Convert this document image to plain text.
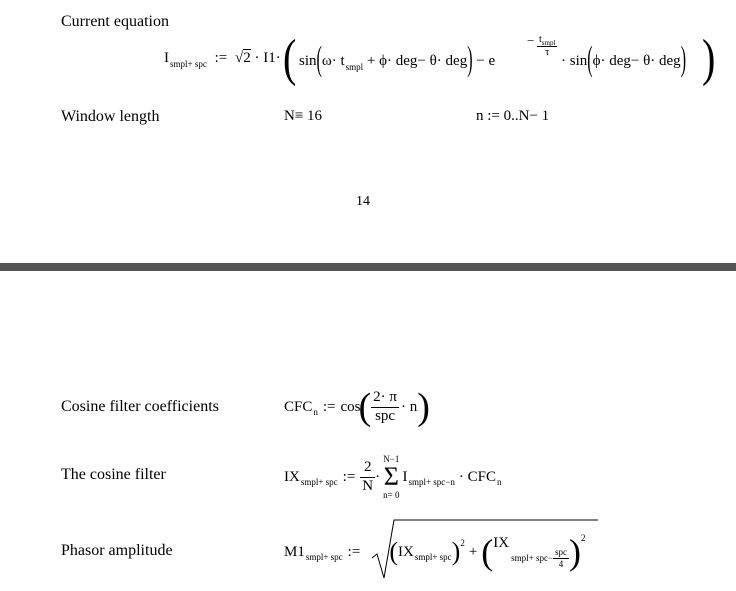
Current equation
$I_{smpl+ spc}$ := √2 · I1· (	)
$\sin(\omega\cdot t_{smpl} + \phi\cdot deg- \theta\cdot deg) - e$
− $\frac{t_{smpl}}{\tau}$
· sin(ϕ· deg− θ· deg)
Window length	N≡ 16	n := 0..N− 1
14
Cosine filter coefficients	CFC n := cos
( $\frac{2\cdot \pi}{\text{spc}} \cdot n$ )
The cosine filter	IX smpl+ spc := $\frac{2}{N}$ ·
N−1
Σ
n= 0
I smpl+ spc−n · CFC n
Phasor amplitude	M1 smpl+ spc := ( IX smpl+ spc ) 2
+ ( IX
smpl+ $spc- \frac{\text{spc}}{4}$ ) 2
